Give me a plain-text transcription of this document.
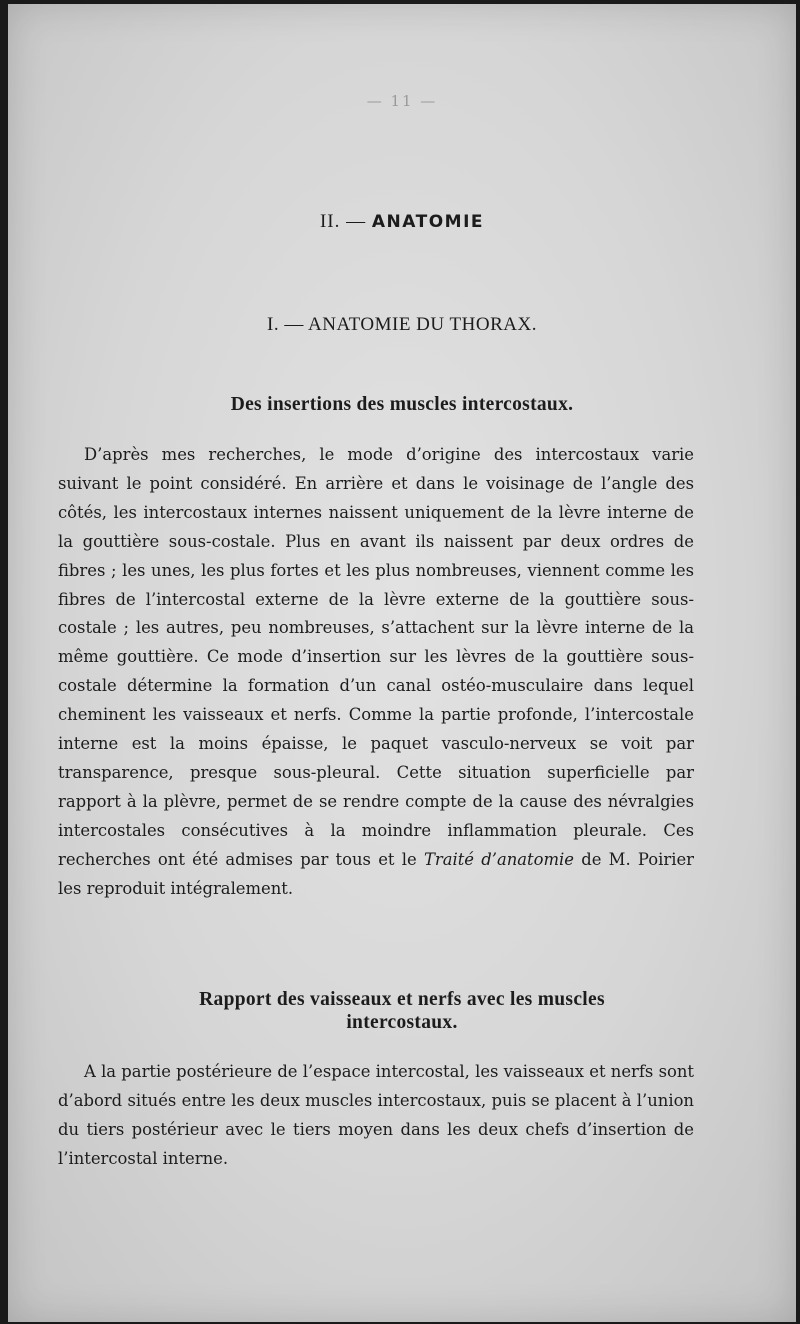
— 11 —
II. — ANATOMIE
I. — ANATOMIE DU THORAX.
Des insertions des muscles intercostaux.

D’après mes recherches, le mode d’origine des intercostaux varie suivant le point considéré. En arrière et dans le voisinage de l’angle des côtés, les intercostaux internes naissent uniquement de la lèvre interne de la gouttière sous-costale. Plus en avant ils naissent par deux ordres de fibres ; les unes, les plus fortes et les plus nombreuses, viennent comme les fibres de l’intercostal externe de la lèvre externe de la gouttière sous-costale ; les autres, peu nombreuses, s’attachent sur la lèvre interne de la même gouttière. Ce mode d’insertion sur les lèvres de la gouttière sous-costale détermine la formation d’un canal ostéo-musculaire dans lequel cheminent les vaisseaux et nerfs. Comme la partie profonde, l’intercostale interne est la moins épaisse, le paquet vasculo-nerveux se voit par transparence, presque sous-pleural. Cette situation superficielle par rapport à la plèvre, permet de se rendre compte de la cause des névralgies intercostales consécutives à la moindre inflammation pleurale. Ces recherches ont été admises par tous et le Traité d’anatomie de M. Poirier les reproduit intégralement.

Rapport des vaisseaux et nerfs avec les muscles
intercostaux.

A la partie postérieure de l’espace intercostal, les vaisseaux et nerfs sont d’abord situés entre les deux muscles intercostaux, puis se placent à l’union du tiers postérieur avec le tiers moyen dans les deux chefs d’insertion de l’intercostal interne.
